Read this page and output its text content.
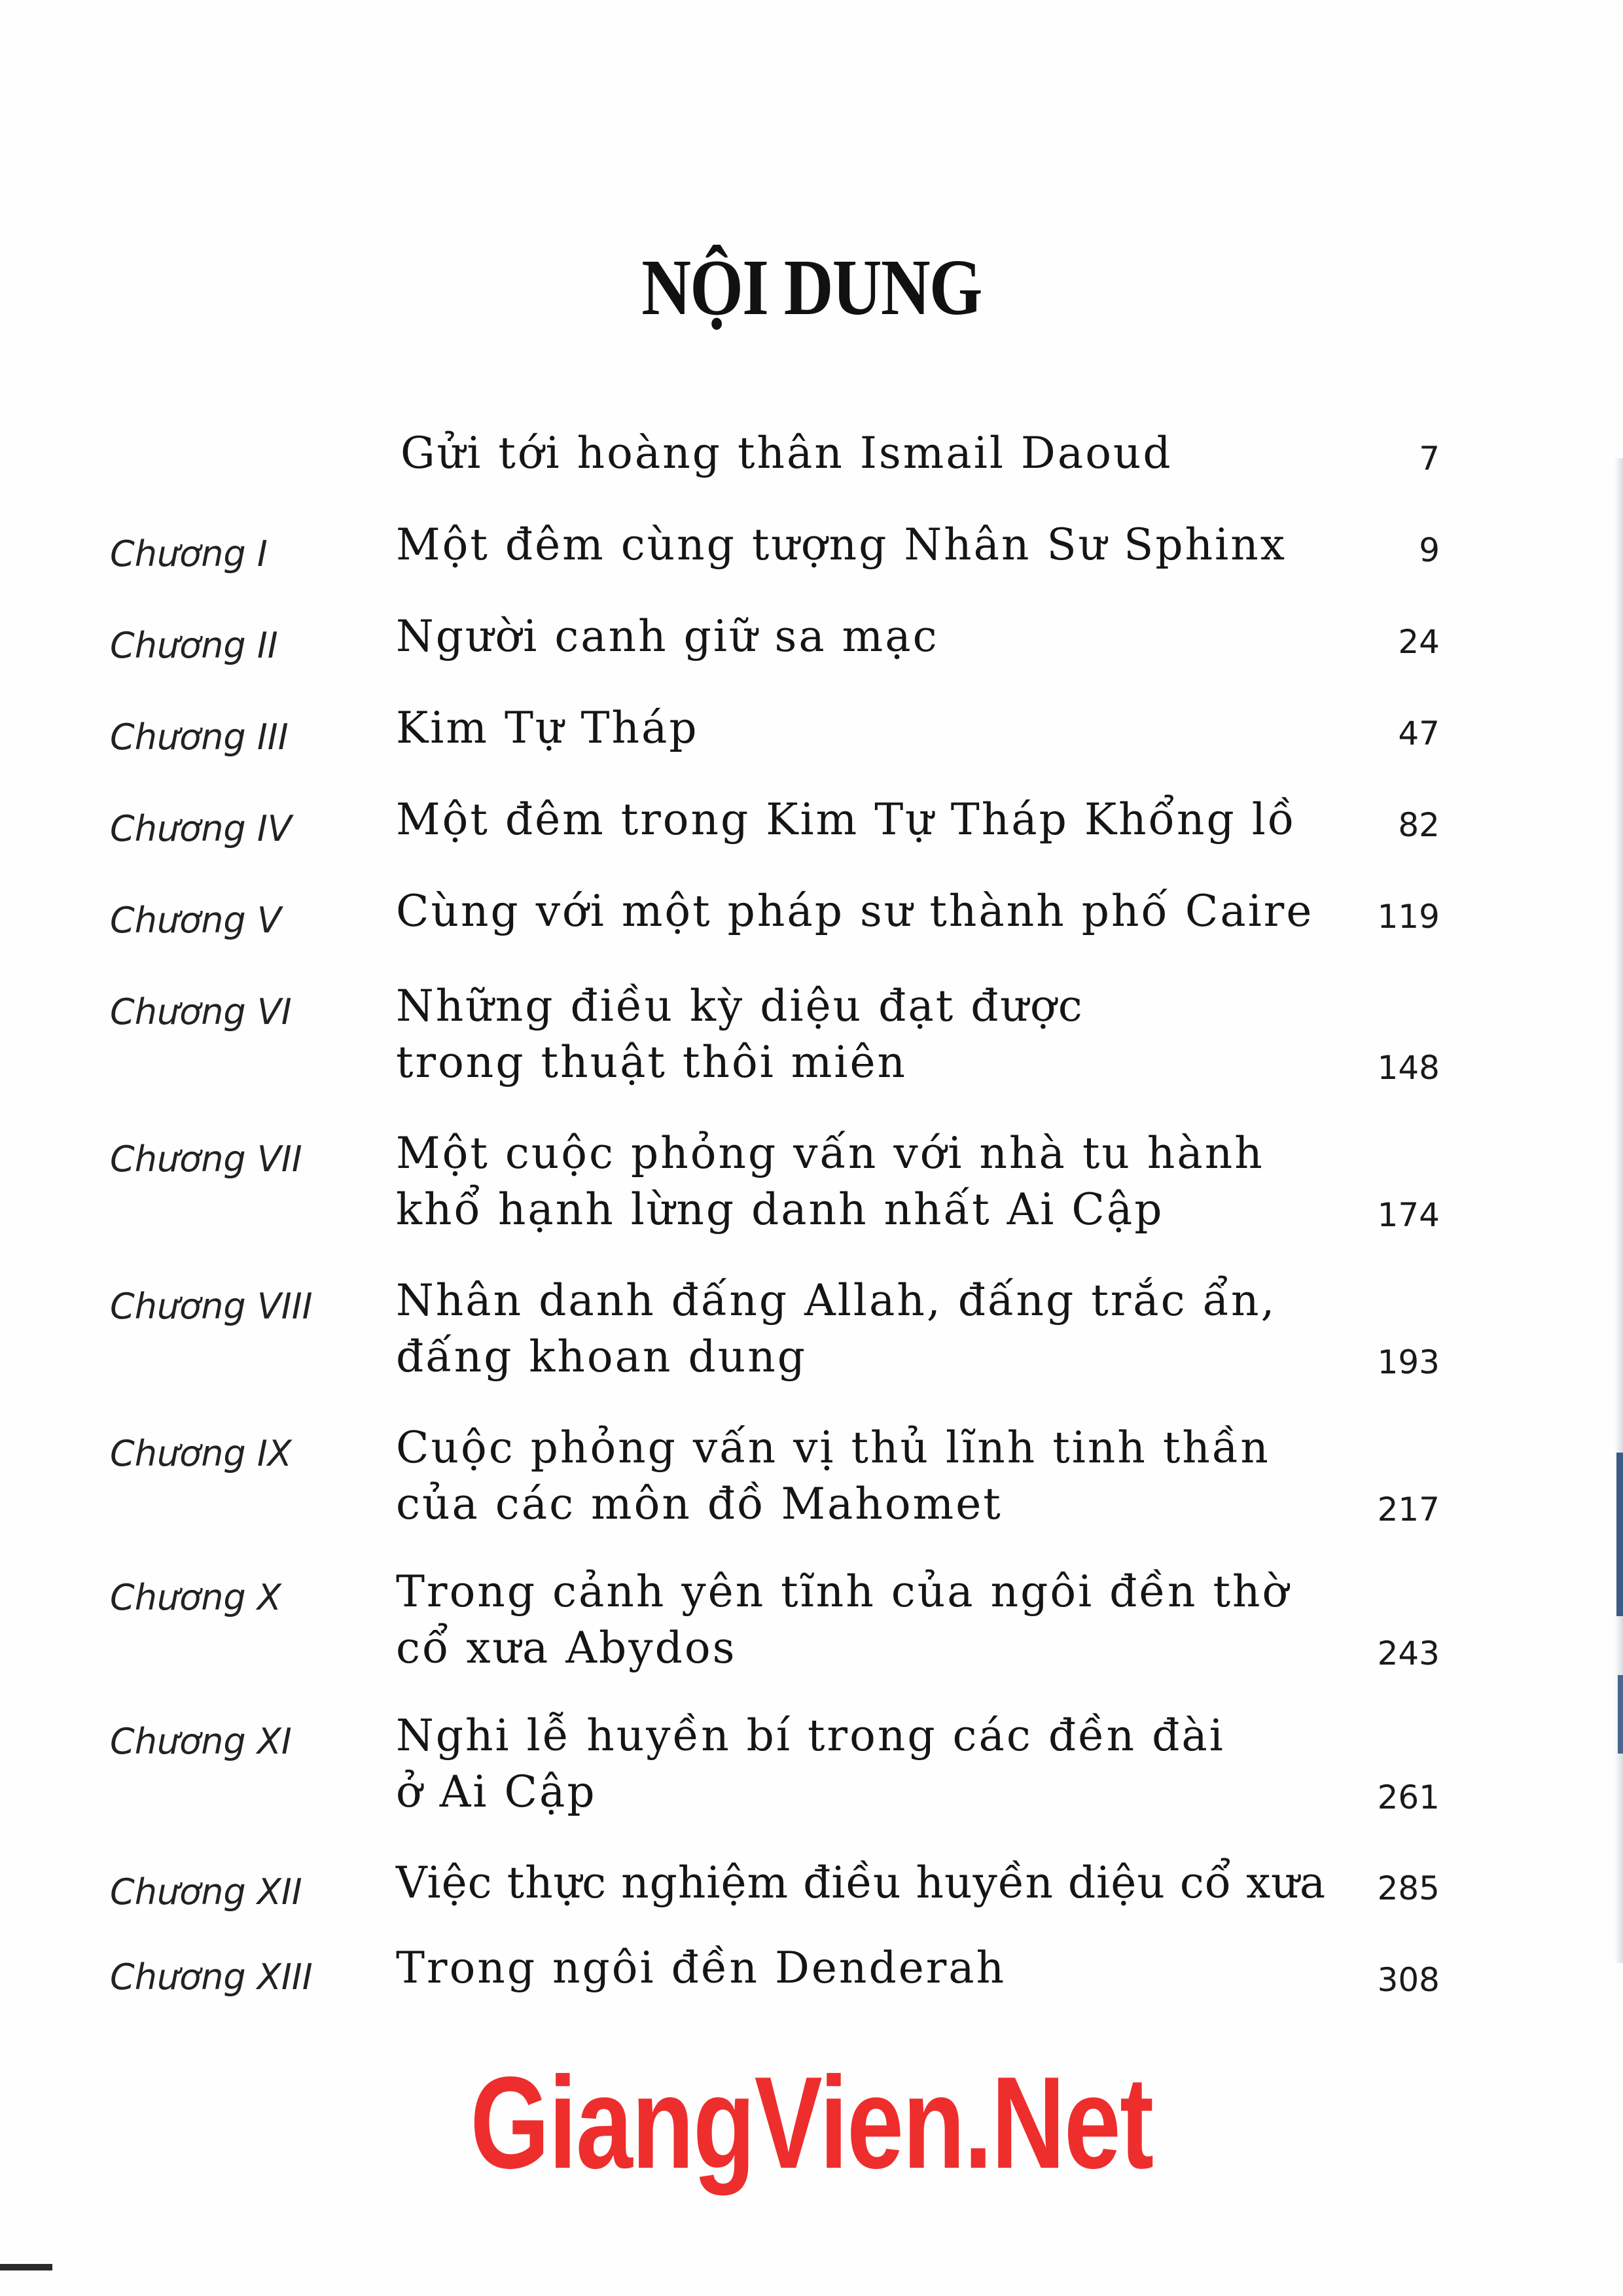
NỘI DUNG
Gửi tới hoàng thân Ismail Daoud	7
Chương I	Một đêm cùng tượng Nhân Sư Sphinx	9
Chương II	Người canh giữ sa mạc	24
Chương III Kim Tự Tháp	47
Chương IV Một đêm trong Kim Tự Tháp Khổng lồ	82
Chương V	Cùng với một pháp sư thành phố Caire 119
Chương VI Những điều kỳ diệu đạt được
trong thuật thôi miên	148
Chương VII Một cuộc phỏng vấn với nhà tu hành
khổ hạnh lừng danh nhất Ai Cập	174
Chương VIII Nhân danh đấng Allah, đấng trắc ẩn,
đấng khoan dung	193
Chương IX Cuộc phỏng vấn vị thủ lĩnh tinh thần
của các môn đồ Mahomet	217
Chương X	Trong cảnh yên tĩnh của ngôi đền thờ
cổ xưa Abydos	243
Chương XI Nghi lễ huyền bí trong các đền đài
ở Ai Cập	261
Chương XII Việc thực nghiệm điều huyền diệu cổ xưa 285
Chương XIII Trong ngôi đền Denderah	308
GiangVien.Net
